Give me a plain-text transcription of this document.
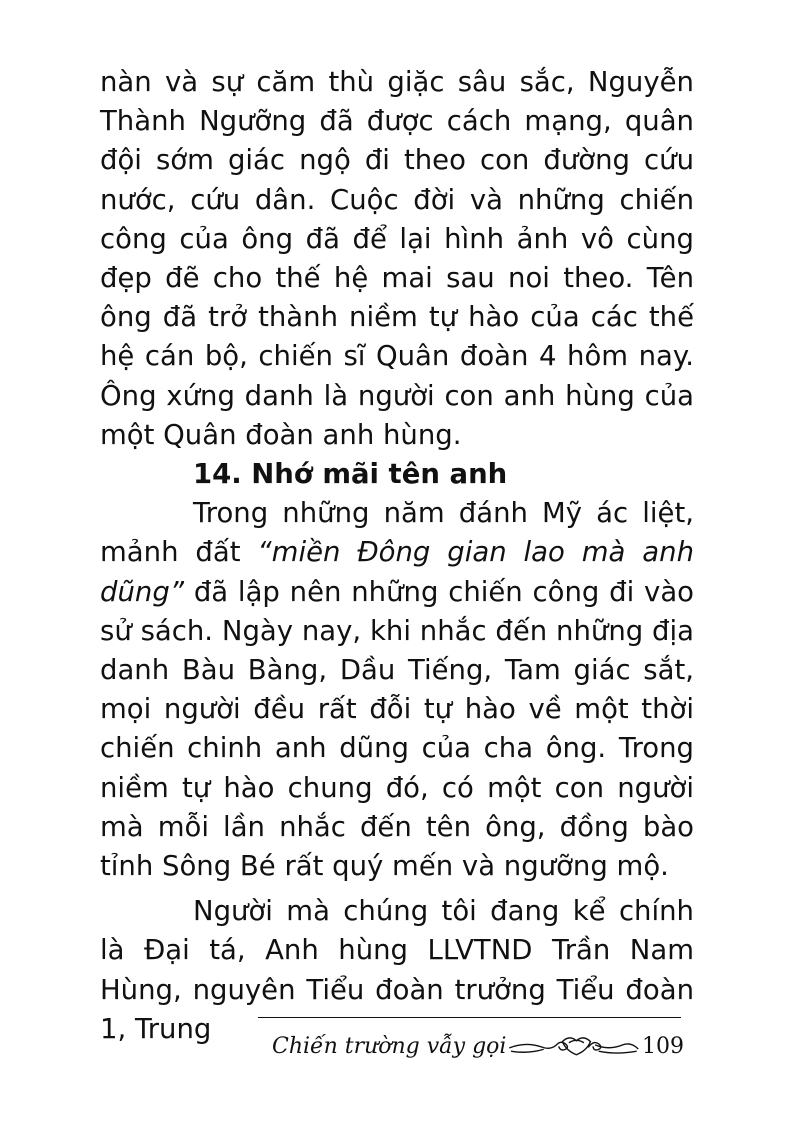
nàn và sự căm thù giặc sâu sắc, Nguyễn Thành Ngưỡng đã được cách mạng, quân đội sớm giác ngộ đi theo con đường cứu nước, cứu dân. Cuộc đời và những chiến công của ông đã để lại hình ảnh vô cùng đẹp đẽ cho thế hệ mai sau noi theo. Tên ông đã trở thành niềm tự hào của các thế hệ cán bộ, chiến sĩ Quân đoàn 4 hôm nay. Ông xứng danh là người con anh hùng của một Quân đoàn anh hùng.

14. Nhớ mãi tên anh

Trong những năm đánh Mỹ ác liệt, mảnh đất “miền Đông gian lao mà anh dũng” đã lập nên những chiến công đi vào sử sách. Ngày nay, khi nhắc đến những địa danh Bàu Bàng, Dầu Tiếng, Tam giác sắt, mọi người đều rất đỗi tự hào về một thời chiến chinh anh dũng của cha ông. Trong niềm tự hào chung đó, có một con người mà mỗi lần nhắc đến tên ông, đồng bào tỉnh Sông Bé rất quý mến và ngưỡng mộ.

Người mà chúng tôi đang kể chính là Đại tá, Anh hùng LLVTND Trần Nam Hùng, nguyên Tiểu đoàn trưởng Tiểu đoàn 1, Trung

Chiến trường vẫy gọi	109
